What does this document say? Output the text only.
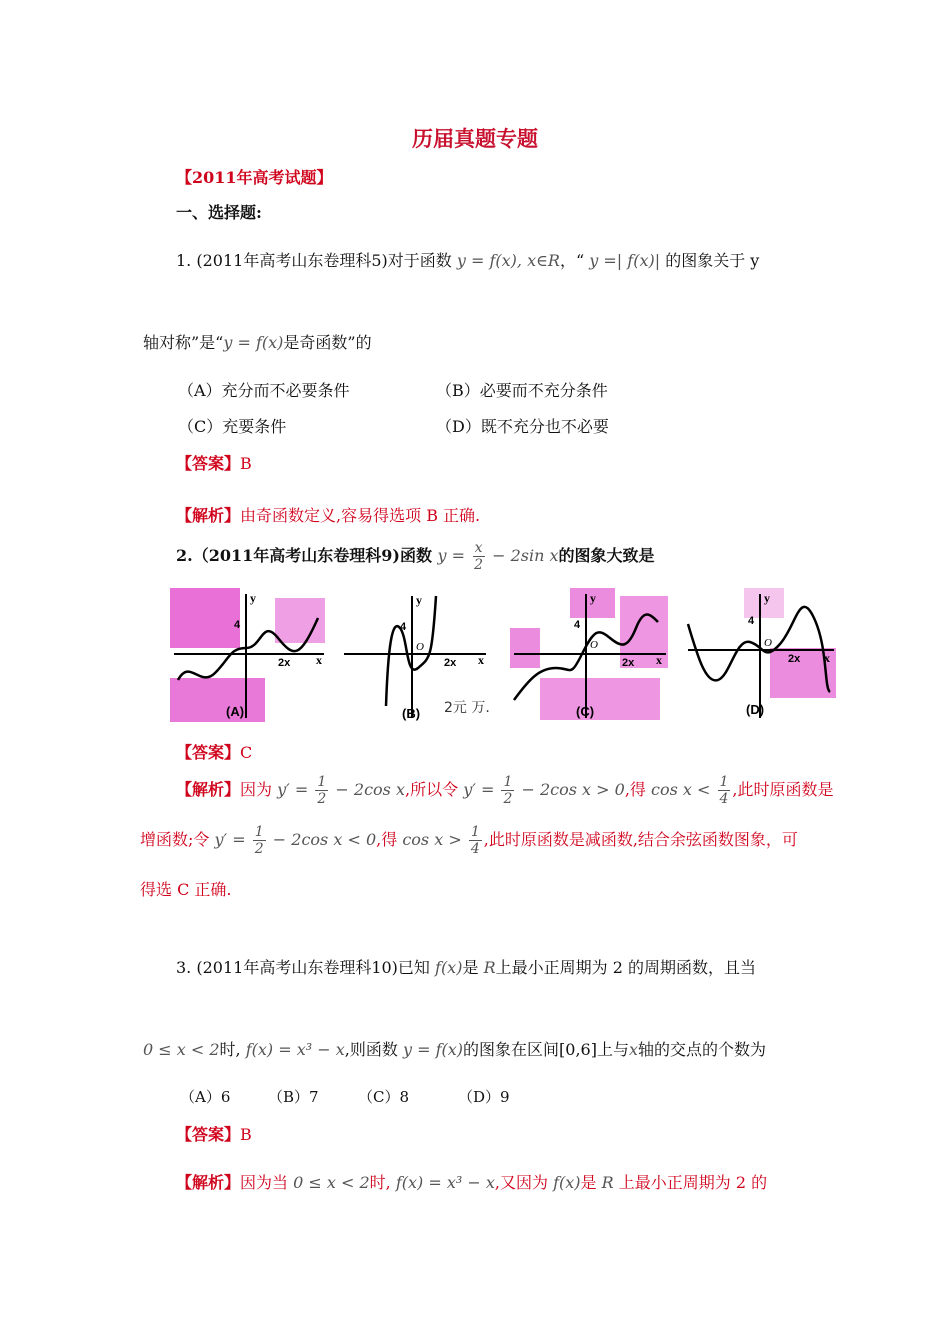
历届真题专题
【2011年高考试题】
一、选择题:
1. (2011年高考山东卷理科5)对于函数 y = f(x), x∈R，“ y =| f(x)| 的图象关于 y
轴对称”是“y = f(x)是奇函数”的
（A）充分而不必要条件	（B）必要而不充分条件
（C）充要条件	（D）既不充分也不必要
【答案】B
【解析】由奇函数定义,容易得选项 B 正确.
2.（2011年高考山东卷理科9)函数 $y = \frac{x}{2} - 2\sin$ x的图象大致是
y
x
4
2x
(A)
y
x
4
O
2x
(B) 2元 万.
y
x
4
O
2x
(C)
y
x
4
O
2x
(D)
【答案】C
【解析】因为 $y' = \frac{1}{2} - 2\cos$ x,所以令 $y' = \frac{1}{2} - 2\cos$ x > 0,得 $\cos x < \frac{1}{4}$ ,此时原函数是
增函数;令 $y' = \frac{1}{2} - 2\cos$ x < 0,得 $\cos x > \frac{1}{4}$ ,此时原函数是减函数,结合余弦函数图象，可
得选 C 正确.
3. (2011年高考山东卷理科10)已知 f(x)是 R上最小正周期为 2 的周期函数，且当
0 ≤ x < 2时, f(x) = x³ − x,则函数 y = f(x)的图象在区间[0,6]上与x轴的交点的个数为
（A）6	（B）7	（C）8	（D）9
【答案】B
【解析】因为当 0 ≤ x < 2时, f(x) = x³ − x,又因为 f(x)是 R 上最小正周期为 2 的
